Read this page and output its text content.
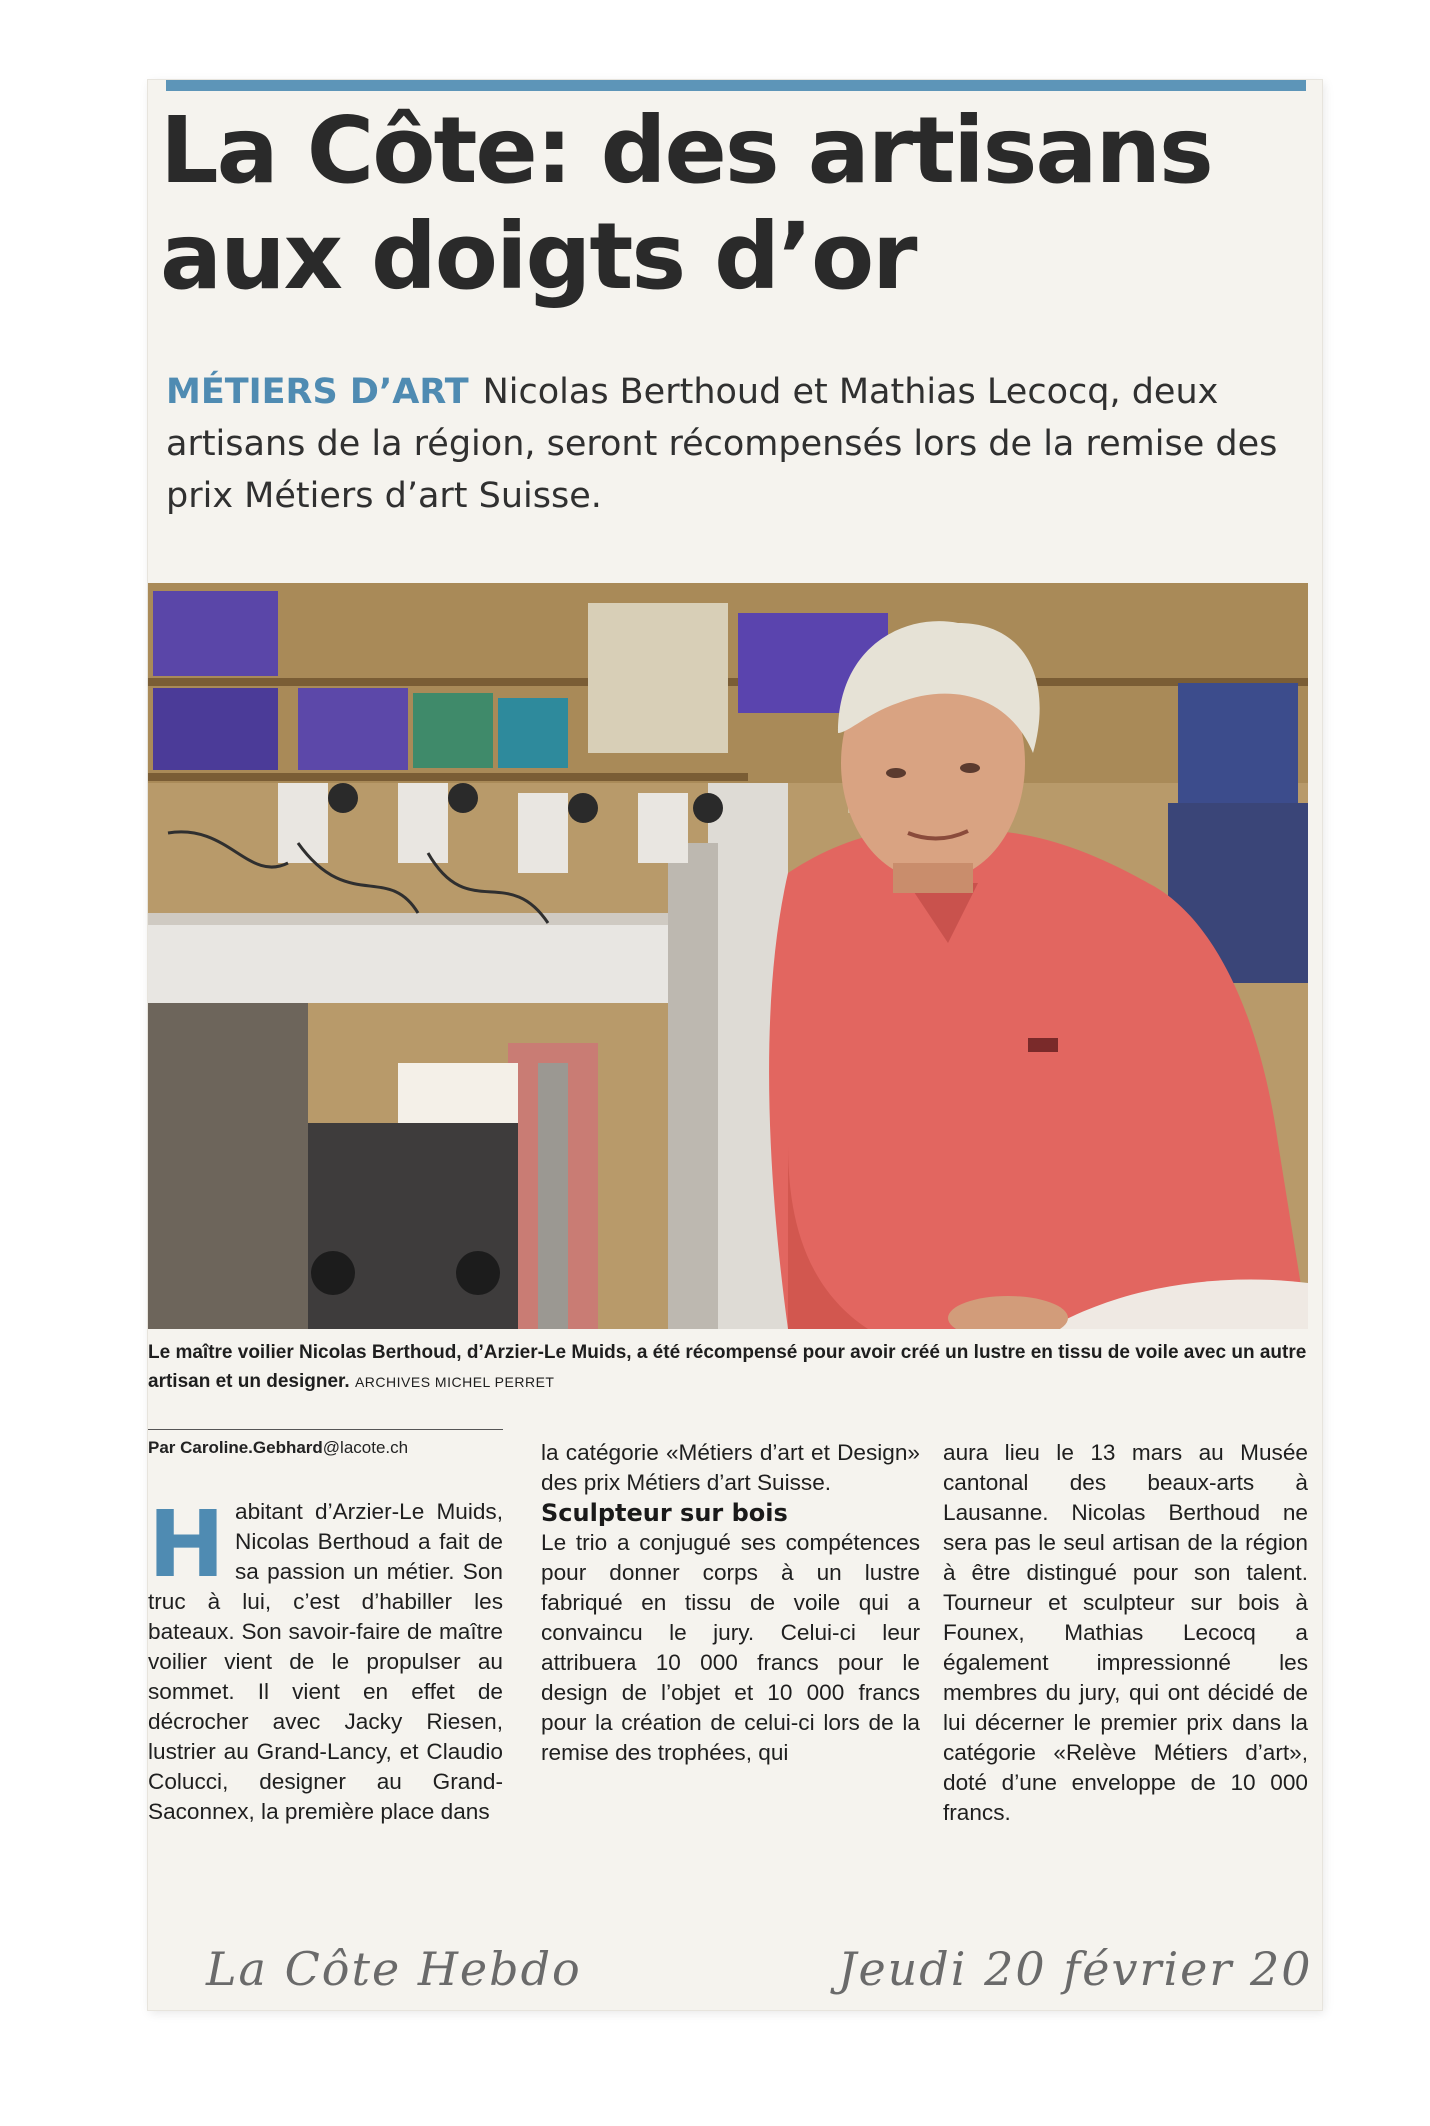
La Côte: des artisans aux doigts d’or
MÉTIERS D’ART Nicolas Berthoud et Mathias Lecocq, deux artisans de la région, seront récompensés lors de la remise des prix Métiers d’art Suisse.
Le maître voilier Nicolas Berthoud, d’Arzier-Le Muids, a été récompensé pour avoir créé un lustre en tissu de voile avec un autre artisan et un designer. ARCHIVES MICHEL PERRET
Par Caroline.Gebhard@lacote.ch
H abitant d’Arzier-Le Muids, Nicolas Berthoud a fait de sa passion un métier. Son truc à lui, c’est d’habiller les bateaux. Son savoir-faire de maître voilier vient de le propulser au sommet. Il vient en effet de décrocher avec Jacky Riesen, lustrier au Grand-Lancy, et Claudio Colucci, designer au Grand-Saconnex, la première place dans

la catégorie «Métiers d’art et Design» des prix Métiers d’art Suisse.

Sculpteur sur bois

Le trio a conjugué ses compétences pour donner corps à un lustre fabriqué en tissu de voile qui a convaincu le jury. Celui-ci leur attribuera 10 000 francs pour le design de l’objet et 10 000 francs pour la création de celui-ci lors de la remise des trophées, qui

aura lieu le 13 mars au Musée cantonal des beaux-arts à Lausanne. Nicolas Berthoud ne sera pas le seul artisan de la région à être distingué pour son talent. Tourneur et sculpteur sur bois à Founex, Mathias Lecocq a également impressionné les membres du jury, qui ont décidé de lui décerner le premier prix dans la catégorie «Relève Métiers d’art», doté d’une enveloppe de 10 000 francs.

La Côte Hebdo	Jeudi 20 février 20
